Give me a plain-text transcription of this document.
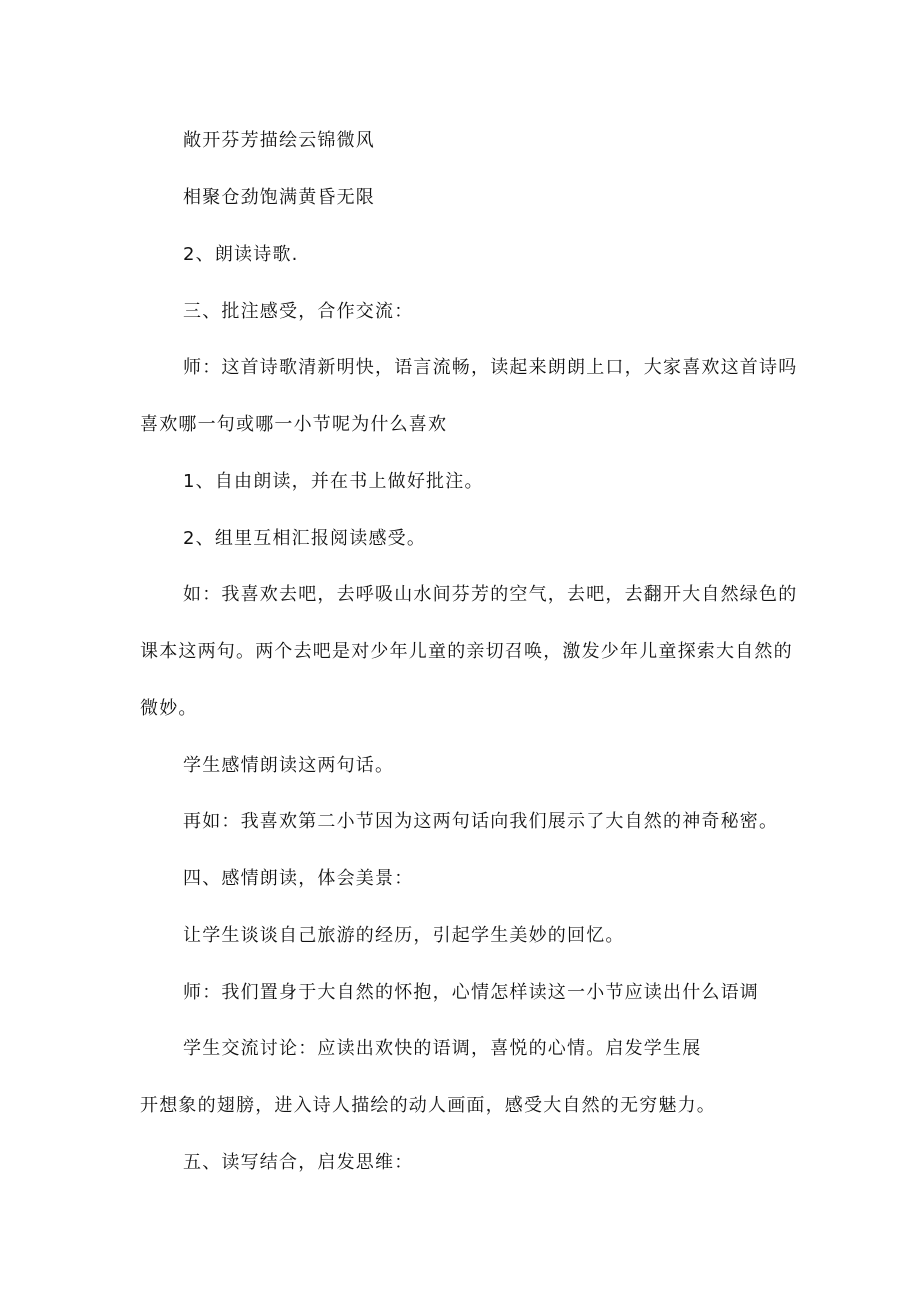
敞开芬芳描绘云锦微风
相聚仓劲饱满黄昏无限
2、朗读诗歌.
三、批注感受，合作交流：
师：这首诗歌清新明快，语言流畅，读起来朗朗上口，大家喜欢这首诗吗
喜欢哪一句或哪一小节呢为什么喜欢
1、自由朗读，并在书上做好批注。
2、组里互相汇报阅读感受。
如：我喜欢去吧，去呼吸山水间芬芳的空气，去吧，去翻开大自然绿色的
课本这两句。两个去吧是对少年儿童的亲切召唤，激发少年儿童探索大自然的
微妙。
学生感情朗读这两句话。
再如：我喜欢第二小节因为这两句话向我们展示了大自然的神奇秘密。
四、感情朗读，体会美景：
让学生谈谈自己旅游的经历，引起学生美妙的回忆。
师：我们置身于大自然的怀抱，心情怎样读这一小节应读出什么语调
学生交流讨论：应读出欢快的语调，喜悦的心情。启发学生展
开想象的翅膀，进入诗人描绘的动人画面，感受大自然的无穷魅力。
五、读写结合，启发思维：
